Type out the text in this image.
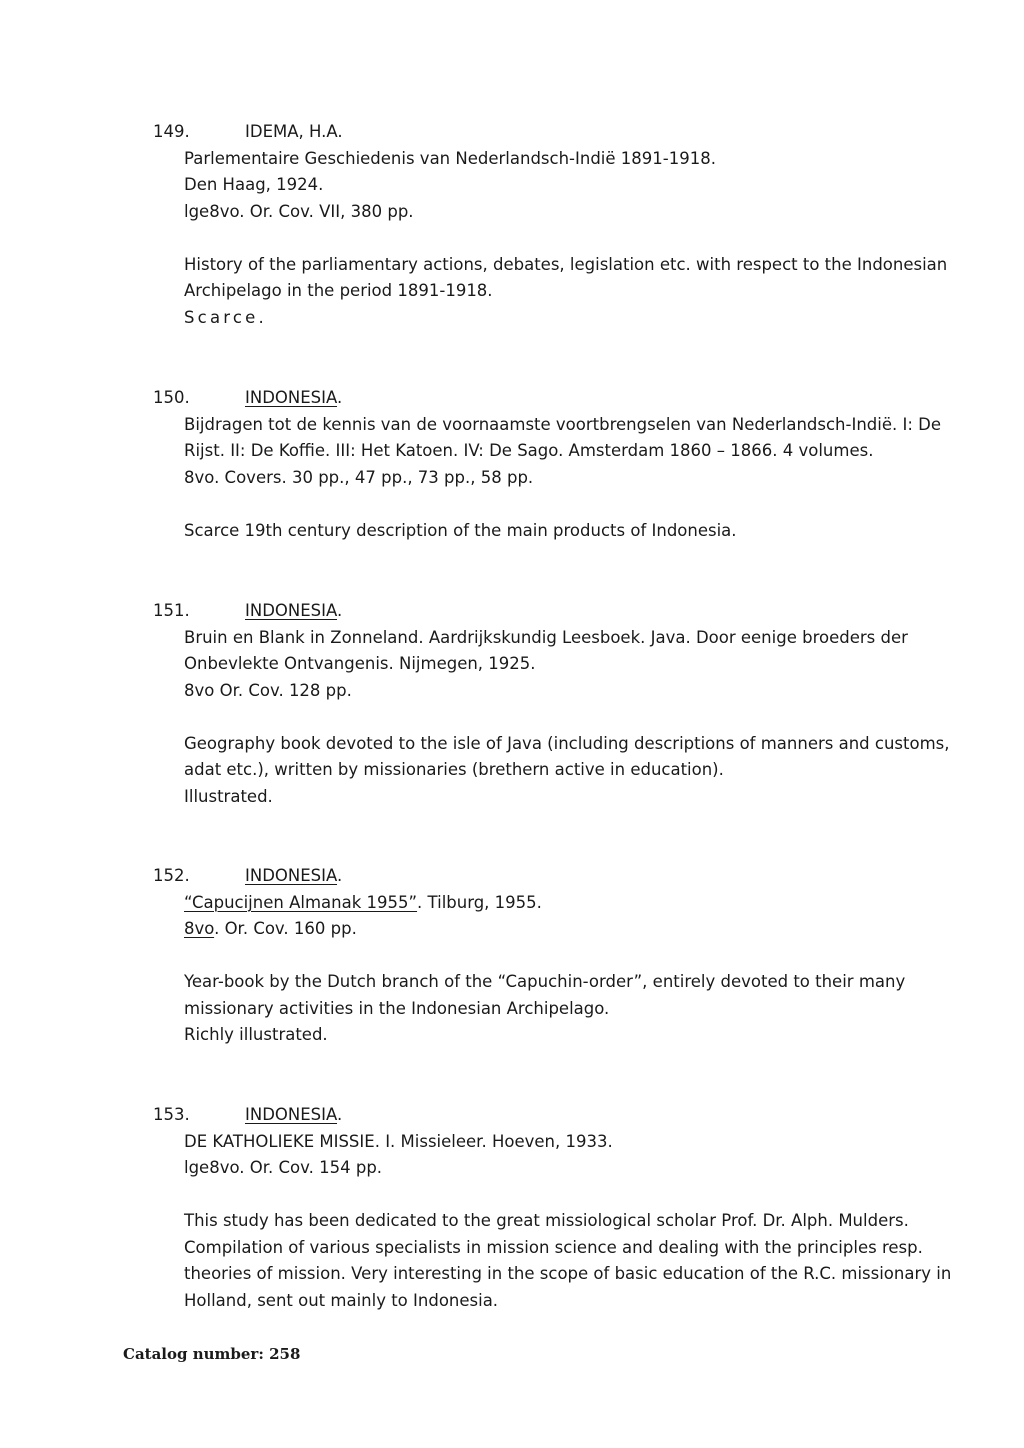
149.	IDEMA, H.A.
Parlementaire Geschiedenis van Nederlandsch-Indië 1891-1918.
Den Haag, 1924.
lge8vo. Or. Cov. VII, 380 pp.
History of the parliamentary actions, debates, legislation etc. with respect to the Indonesian
Archipelago in the period 1891-1918.
Scarce.
150.	INDONESIA.
Bijdragen tot de kennis van de voornaamste voortbrengselen van Nederlandsch-Indië. I: De
Rijst. II: De Koffie. III: Het Katoen. IV: De Sago. Amsterdam 1860 – 1866. 4 volumes.
8vo. Covers. 30 pp., 47 pp., 73 pp., 58 pp.
Scarce 19th century description of the main products of Indonesia.
151.	INDONESIA.
Bruin en Blank in Zonneland. Aardrijkskundig Leesboek. Java. Door eenige broeders der
Onbevlekte Ontvangenis. Nijmegen, 1925.
8vo Or. Cov. 128 pp.
Geography book devoted to the isle of Java (including descriptions of manners and customs,
adat etc.), written by missionaries (brethern active in education).
Illustrated.
152.	INDONESIA.
“Capucijnen Almanak 1955”. Tilburg, 1955.
8vo. Or. Cov. 160 pp.
Year-book by the Dutch branch of the “Capuchin-order”, entirely devoted to their many
missionary activities in the Indonesian Archipelago.
Richly illustrated.
153.	INDONESIA.
DE KATHOLIEKE MISSIE. I. Missieleer. Hoeven, 1933.
lge8vo. Or. Cov. 154 pp.
This study has been dedicated to the great missiological scholar Prof. Dr. Alph. Mulders.
Compilation of various specialists in mission science and dealing with the principles resp.
theories of mission. Very interesting in the scope of basic education of the R.C. missionary in
Holland, sent out mainly to Indonesia.
Catalog number: 258
